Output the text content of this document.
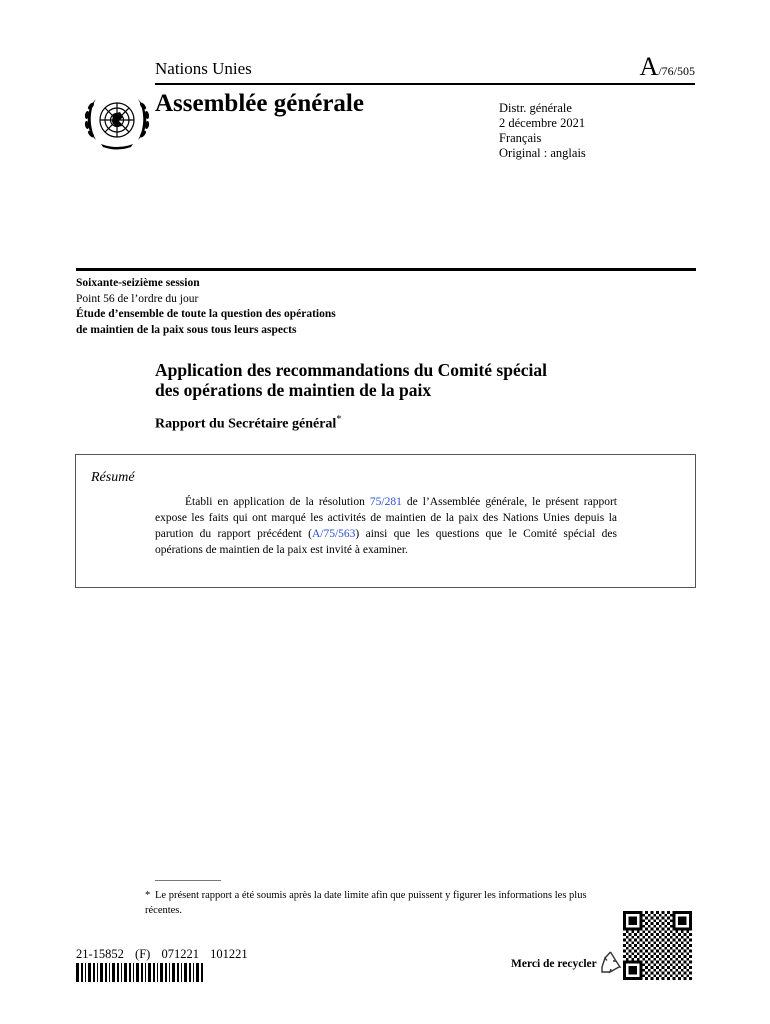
Nations Unies	A/76/505
Assemblée générale	Distr. générale
2 décembre 2021
Français
Original : anglais
Soixante-seizième session
Point 56 de l’ordre du jour
Étude d’ensemble de toute la question des opérations
de maintien de la paix sous tous leurs aspects
Application des recommandations du Comité spécial
des opérations de maintien de la paix
Rapport du Secrétaire général*
Résumé

Établi en application de la résolution 75/281 de l’Assemblée générale, le présent rapport expose les faits qui ont marqué les activités de maintien de la paix des Nations Unies depuis la parution du rapport précédent (A/75/563) ainsi que les questions que le Comité spécial des opérations de maintien de la paix est invité à examiner.

* Le présent rapport a été soumis après la date limite afin que puissent y figurer les informations les plus récentes.
21-15852 (F) 071221 101221
Merci de recycler
